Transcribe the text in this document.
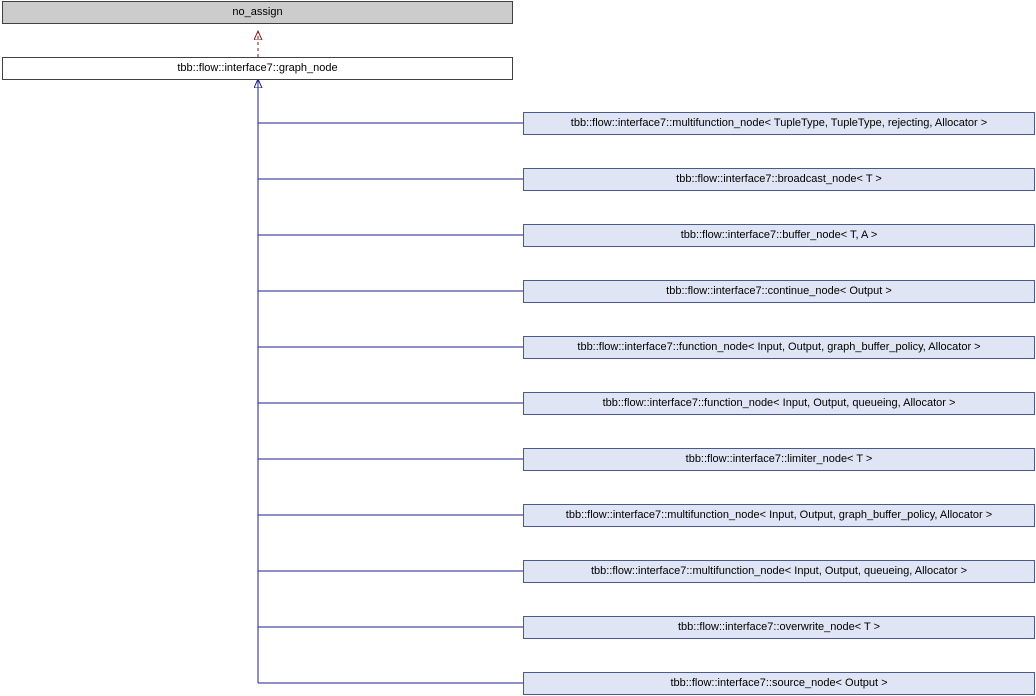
no_assign
tbb::flow::interface7::graph_node
tbb::flow::interface7::multifunction_node< TupleType, TupleType, rejecting, Allocator >
tbb::flow::interface7::broadcast_node< T >
tbb::flow::interface7::buffer_node< T, A >
tbb::flow::interface7::continue_node< Output >
tbb::flow::interface7::function_node< Input, Output, graph_buffer_policy, Allocator >
tbb::flow::interface7::function_node< Input, Output, queueing, Allocator >
tbb::flow::interface7::limiter_node< T >
tbb::flow::interface7::multifunction_node< Input, Output, graph_buffer_policy, Allocator >
tbb::flow::interface7::multifunction_node< Input, Output, queueing, Allocator >
tbb::flow::interface7::overwrite_node< T >
tbb::flow::interface7::source_node< Output >
